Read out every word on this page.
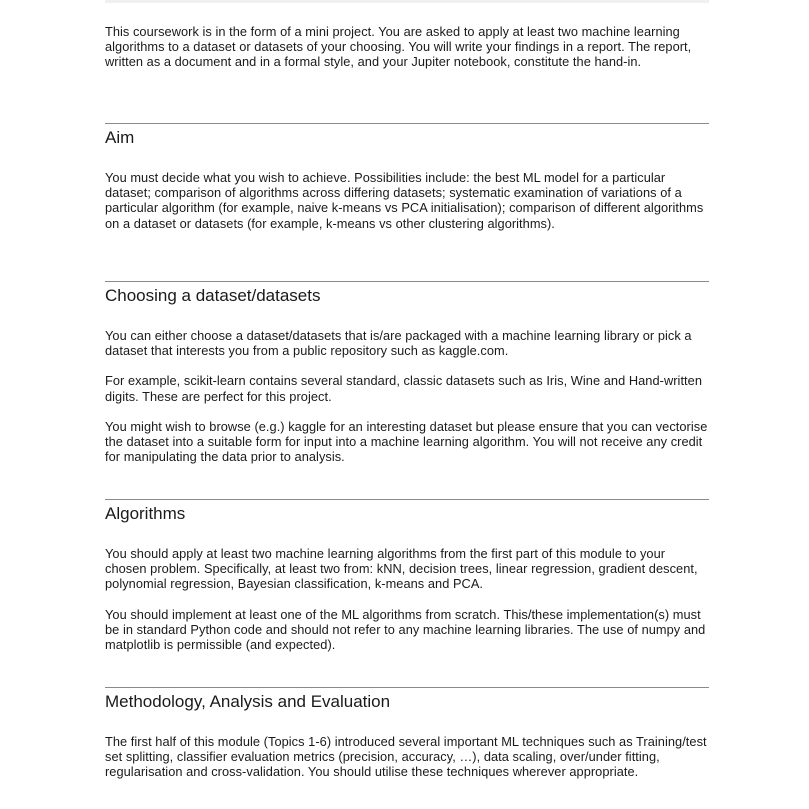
This coursework is in the form of a mini project. You are asked to apply at least two machine learning algorithms to a dataset or datasets of your choosing. You will write your findings in a report. The report, written as a document and in a formal style, and your Jupiter notebook, constitute the hand-in.

Aim

You must decide what you wish to achieve. Possibilities include: the best ML model for a particular dataset; comparison of algorithms across differing datasets; systematic examination of variations of a particular algorithm (for example, naive k-means vs PCA initialisation); comparison of different algorithms on a dataset or datasets (for example, k-means vs other clustering algorithms).

Choosing a dataset/datasets

You can either choose a dataset/datasets that is/are packaged with a machine learning library or pick a dataset that interests you from a public repository such as kaggle.com.

For example, scikit-learn contains several standard, classic datasets such as Iris, Wine and Hand-written digits. These are perfect for this project.

You might wish to browse (e.g.) kaggle for an interesting dataset but please ensure that you can vectorise the dataset into a suitable form for input into a machine learning algorithm. You will not receive any credit for manipulating the data prior to analysis.

Algorithms

You should apply at least two machine learning algorithms from the first part of this module to your chosen problem. Specifically, at least two from: kNN, decision trees, linear regression, gradient descent, polynomial regression, Bayesian classification, k-means and PCA.

You should implement at least one of the ML algorithms from scratch. This/these implementation(s) must be in standard Python code and should not refer to any machine learning libraries. The use of numpy and matplotlib is permissible (and expected).

Methodology, Analysis and Evaluation

The first half of this module (Topics 1-6) introduced several important ML techniques such as Training/test set splitting, classifier evaluation metrics (precision, accuracy, …), data scaling, over/under fitting, regularisation and cross-validation. You should utilise these techniques wherever appropriate.
